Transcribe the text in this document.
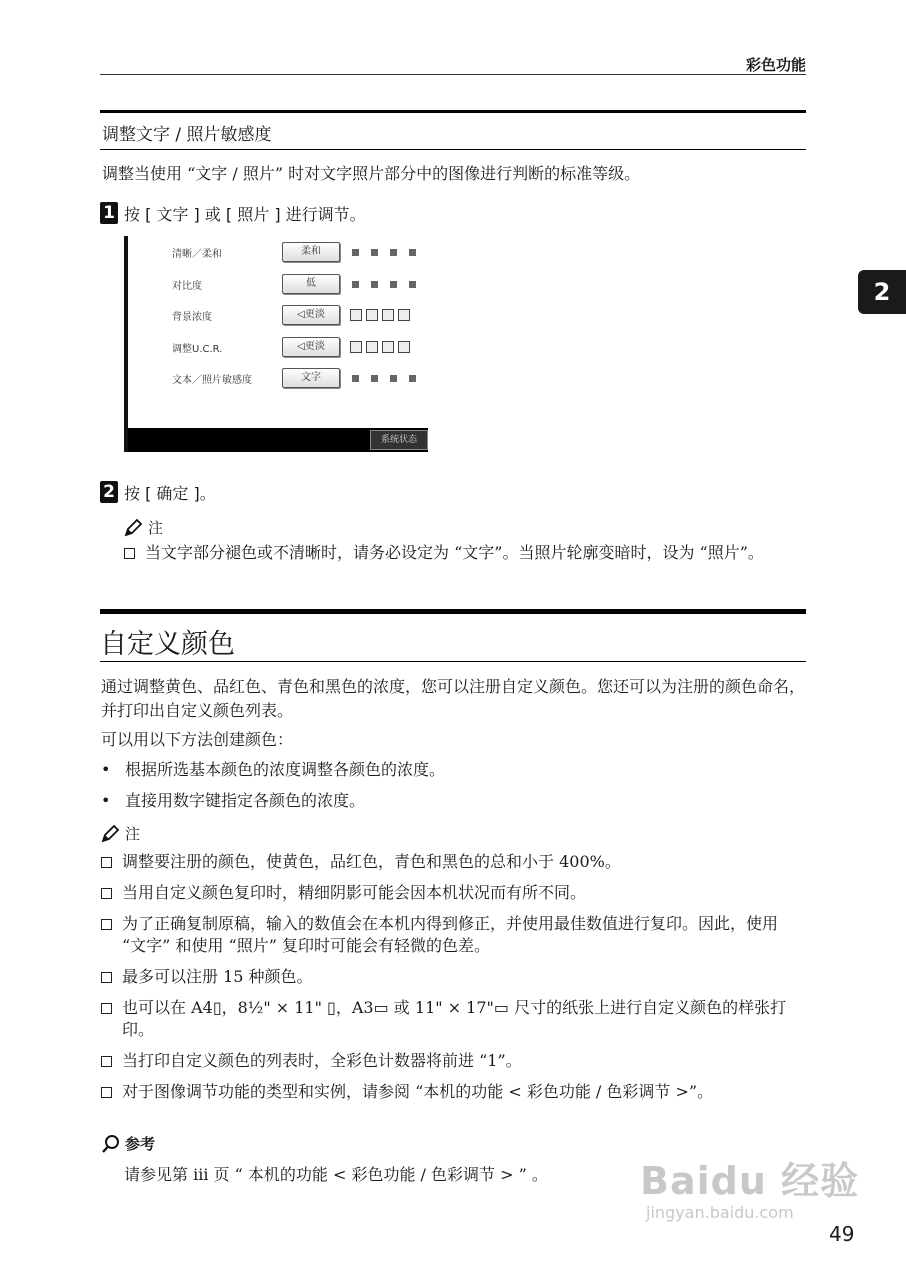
彩色功能
2
调整文字 / 照片敏感度
调整当使用 “文字 / 照片” 时对文字照片部分中的图像进行判断的标准等级。
1 按 [ 文字 ] 或 [ 照片 ] 进行调节。
清晰／柔和	柔和
对比度	低
背景浓度	◁更淡
调整U.C.R.	◁更淡
文本／照片敏感度	文字
系统状态
2 按 [ 确定 ]。
注
当文字部分褪色或不清晰时，请务必设定为 “文字”。当照片轮廓变暗时，设为 “照片”。
自定义颜色
通过调整黄色、品红色、青色和黑色的浓度，您可以注册自定义颜色。您还可以为注册的颜色命名，并打印出自定义颜色列表。
可以用以下方法创建颜色：
• 根据所选基本颜色的浓度调整各颜色的浓度。
• 直接用数字键指定各颜色的浓度。
注
调整要注册的颜色，使黄色，品红色，青色和黑色的总和小于 400%。
当用自定义颜色复印时，精细阴影可能会因本机状况而有所不同。
为了正确复制原稿，输入的数值会在本机内得到修正，并使用最佳数值进行复印。因此，使用 “文字” 和使用 “照片” 复印时可能会有轻微的色差。
最多可以注册 15 种颜色。
也可以在 A4▯，8½" × 11" ▯，A3▭ 或 11" × 17"▭ 尺寸的纸张上进行自定义颜色的样张打印。
当打印自定义颜色的列表时，全彩色计数器将前进 “1”。
对于图像调节功能的类型和实例，请参阅 “本机的功能 < 彩色功能 / 色彩调节 >”。
参考
请参见第 iii 页 “ 本机的功能 < 彩色功能 / 色彩调节 > ” 。	Baidu 经验
jingyan.baidu.com
49
